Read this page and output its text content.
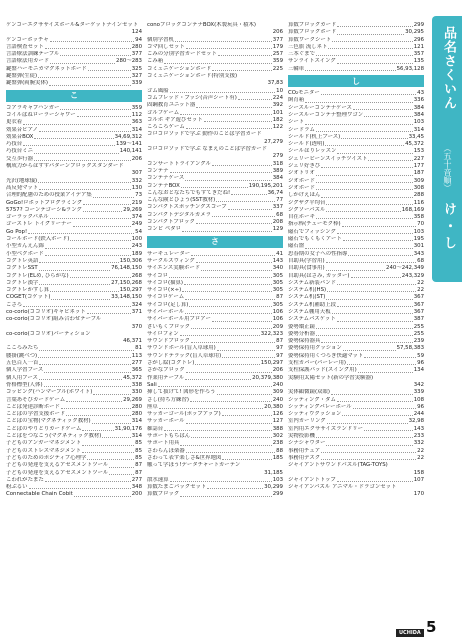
ケンコーエクササイズボール&ターゲットナインセット
124
ケンコーボッチャ	94
言語検査セット	280
言語療法訓練テーブル	377
言語療法用カード	280〜283
鍵盤ハーモニカマグネットボード	325
鍵盤弾(生徒)	327
鍵盤弾(両腕実体)	339
こ
コアラキャプハンガー	359
コイルばねローラーシャワー	112
更衣着	363
効果音ピアノ	314
効果音BOX	34,69,312
巧技台	139〜141
巧技台ミニ	140,141
交互歩行器	206
構成力からはずすパターンブロックスタンダード
307
光沢(地球儀)	332
高反発マット	130
合理的配慮のための授業アイデア集	73
GoGo!ロボットプログラミング	219
5757? コーンテゴーシ&ラング	29,269
ゴーラックパネル	374
ゴーストレ トイグリーナー	249
Go Pop!	54
コールボード(鉄入ボード)	100
小型カんえん錦	243
小型ベクボード	189
コグトレ英語	150,306
コグトレSST	76,148,150
コグトレ(ELめ, ひらがな)	268
コグトレ漢字	27,150,268
コグトレかずし算	150,297
COGET(コゲット)	33,148,150
ごさろ	324
co-corio(ココリオ)キャビネット	371
co-corio(ココリオ)組み合わせテーブル
370
co-corio(ココリオ)パーティション
46,371
こころみたち	81
腰掛(跳べつ)	113
五色百人一首	277
個人学習ブース	365
個人用ブース	45,372
骨格標型(人体)	338
コッピング(ハンマーブル(ホワイト)	330
言葉あそびカードゲーム	29,269
ことば発達診断ボード	280
ことばの学習支援ボード	280
ことばの宝物(マグネティック教材)	314
ことばのやりとりカードゲーム	31,90,176
ことばをつなごう(マグネティック教材)	314
子どものアンガーマネジメント	85
子どものストレスマネジメント	85
子どものためのポジティブ心理学	85
子どもの発達を支えるアセスメントツール	87
子どもの発達を支えるアセスメントツール	87
こわれがたまた	277
粉ぶるい	348
Connectable Chain Cobit	200
conoブロックコンテナBOX(木製玩具・積木)
206
個別学習机	377
コマ回しセット	179
ごみの分別学習カードセット	257
ごみ箱	359
コミュニケーションボード	225
コミュニケーションボード(特別支援)
37,83
ゴム風船	10
コムフレッド・プッシ(音声シート有)	224
固鋼教育ユニット器	392
ゴルフゲーム	101
コルボ ギア遊びセット	182
ころころゲーム	122
コロコロソッドで学ぶ 動作のことば学習カード
27,279
コロコロソッドで学ぶ なまえのことば学習カード
279
コンサートトライアングル	318
コンテナ	389
コンテナケース	384
コンテナBOX	190,195,201
こんなおとなたちでもすてきだね!	36,74
こんな険とひょう(SST教材)	77
コンパクトスポッチングスコープ	337
コンパクトデジタルカメラ	68
コンパクトブロック	208
コンビ ペダロ	129
さ
サーキュレーター	41
サークルスウィング	143
サイエンス実験ボード	340
サイコロ	305
サイコロ(描算)	305
サイコロ(×÷)	305
サイコロゲーム	87
サイコロ(足し算)	305
サイバーボール	106
サイバーボール用ブロアー	106
ざいもくブロック	209
サイロフォン	322,323
サウンドブロック	87
サウンドボール(盲人卓球用)	97
サウンドテラック(盲人卓球用)	97
さがし絵(コグトレ)	150,297
さかなブロック	206
作業用テーブル	20,379,380
Sali	240
挿して抜けて! 図形を作ろう	309
さし(持ち方練習)	240
座卓	20,380
サッカーゴール(ポップアップ)	126
サッカーボール	127
雑誌台	388
サポートもちばん	302
サポート用具	238
さわらんぼ楽器	88
さわって表す楽しさ&世界地図	185
触って学ぼう!データチャートカーテン
31,185
散水速算	103
算数たまごパックセット	30,299
算数ブロック	299
算数ブロックカード	299
算数ブロックボード	30,295
算数ワークシート	296
三色旗 流しネト	121
三本ぐまで	357
サンライトスイング	135
三輪車	56,93,128
し
CO₂モニター	43
飼育箱	336
シースルーコンテナケース	384
シースルーコンテナ整理ワゴン	384
シート	103
シードラム	314
シールド(机上ブース)	33,45
シールド(透明)	45,372
シールはりレッスン	153
ジェリービーンスイッチツイスト	227
ジェリ好きび	177
ジオトリオ	187
ジオボード	309
ジオボード	308
しかけえほん	288
ジグザグ平均台	116
ジグソーパズル	168,169
自在ホーキ	358
指示棒(チューモク棒)	70
磁石でフィッシング	103
磁石でもくもくアート	195
磁石盤	301
思春期の女子への性指導	343
自助具(学習用)	68
自助具(食事用)	240〜242,349
自助具(はさみ, カッター)	243,329
システム新装バンド	22
システム机(HS)	22
システム机(ST)	367
システム机補助上段	367
システム棚用天板	367
システムバスケット	387
姿勢矯正鏡	255
姿勢分析器	255
姿勢保持器具	239
姿勢保持用クッション	57,58,383
姿勢保持用くつろぎ快適マット	59
支柱カバー(パーレー用)	96
支柱保護パッド(スイング用)	134
実験用太陽セット(新の学習実験器)
342
実体顕微鏡(双眼)	339
シッティング・ダム	108
シッティングバレーボール	96
シッティウクッション	244
室内カーリング	32,98
室内用エクササイズランドリー	143
実物投影機	233
シナシャウター	332
事務用チェア	22
事務用デスク	22
ジャイアントサウンドパズル(TAG-TOYS)
158
ジャイアントトップ	107
ジャイアンパズル アニマル・ドラゴンセット
170
品名さくいん
（五十音順）
け・し
5
UCHIDA
